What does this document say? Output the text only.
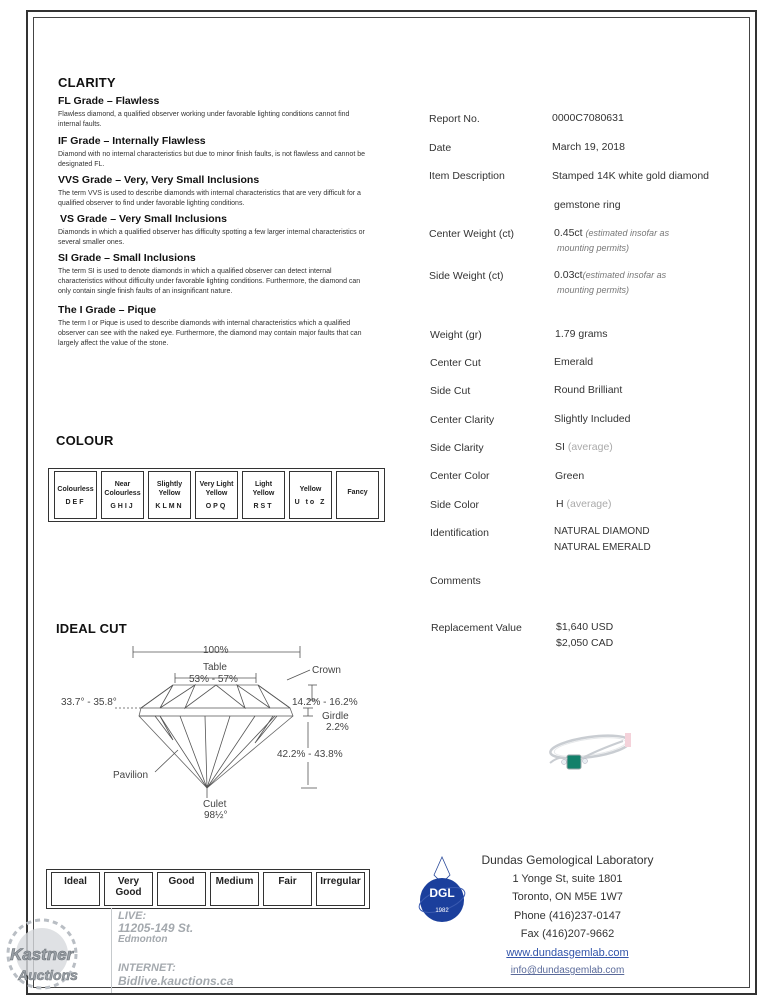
CLARITY
FL Grade – Flawless
Flawless diamond, a qualified observer working under favorable lighting conditions cannot find internal faults.
IF Grade – Internally Flawless
Diamond with no internal characteristics but due to minor finish faults, is not flawless and cannot be designated FL.
VVS Grade – Very, Very Small Inclusions
The term VVS is used to describe diamonds with internal characteristics that are very difficult for a qualified observer to find under favorable lighting conditions.
VS Grade – Very Small Inclusions
Diamonds in which a qualified observer has difficulty spotting a few larger internal characteristics or several smaller ones.
SI Grade – Small Inclusions
The term SI is used to denote diamonds in which a qualified observer can detect internal characteristics without difficulty under favorable lighting conditions. Furthermore, the diamond can only contain single finish faults of an insignificant nature.
The I Grade – Pique
The term I or Pique is used to describe diamonds with internal characteristics which a qualified observer can see with the naked eye. Furthermore, the diamond may contain major faults that can largely affect the value of the stone.
COLOUR
Colourless
DEF

Near Colourless
GHIJ

Slightly Yellow
KLMN

Very Light Yellow
OPQ

Light Yellow
RST

Yellow
U to Z

Fancy
IDEAL CUT
100%
Table
53% - 57%
Crown
33.7° - 35.8°	14.2% - 16.2%
Girdle
2.2%
42.2% - 43.8%
Pavilion
Culet
98½°
Ideal	Very Good	Good	Medium	Fair	Irregular
Report No.	0000C7080631
Date	March 19, 2018
Item Description	Stamped 14K white gold diamond
gemstone ring
Center Weight (ct)	0.45ct (estimated insofar as
mounting permits)
Side Weight (ct)	0.03ct(estimated insofar as
mounting permits)
Weight (gr)	1.79 grams
Center Cut	Emerald
Side Cut	Round Brilliant
Center Clarity	Slightly Included
Side Clarity	SI (average)
Center Color	Green
Side Color	H (average)
Identification	NATURAL DIAMOND
NATURAL EMERALD
Comments
Replacement Value	$1,640 USD
$2,050 CAD
DGL
1982
Dundas Gemological Laboratory
1 Yonge St, suite 1801
Toronto, ON M5E 1W7
Phone (416)237-0147
Fax (416)207-9662
www.dundasgemlab.com
info@dundasgemlab.com
Kastner
Auctions
LIVE:
11205-149 St.
Edmonton
INTERNET:
Bidlive.kauctions.ca
